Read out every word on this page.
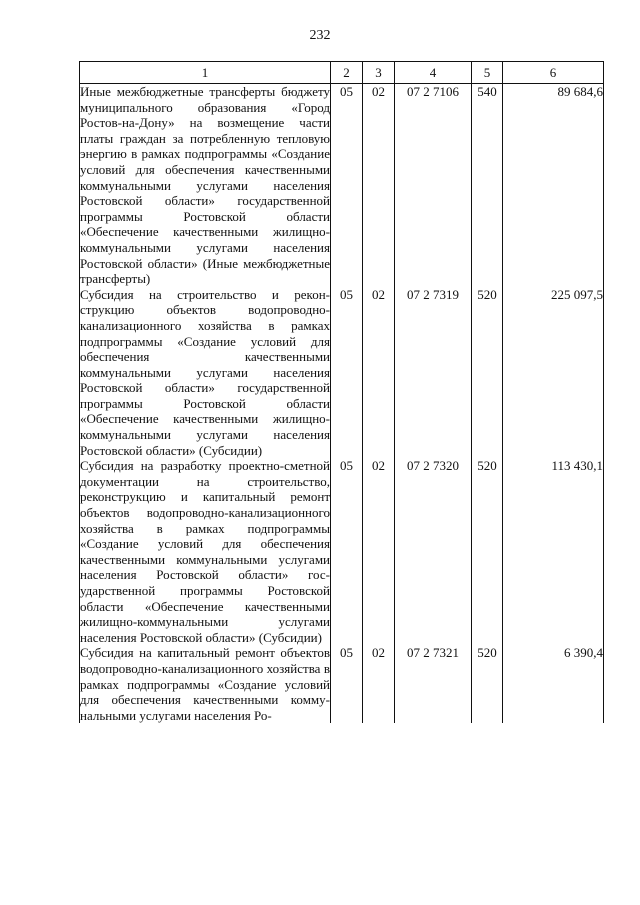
232
1	2	3	4	5	6
Иные межбюджетные трансферты бюджету муниципального образования «Город Ростов-на-Дону» на возмещение части платы граждан за потребленную тепловую энергию в рамках подпрограммы «Создание условий для обеспечения качественными коммунальными услугами населения Ростовской области» государственной программы Ростовской области «Обеспечение качественными жилищно-коммунальными услугами населения Ростовской области» (Иные межбюджетные трансферты)	05	02	07 2 7106	540	89 684,6
Субсидия на строительство и реконструкцию объектов водопроводно-канализационного хозяйства в рамках подпрограммы «Создание условий для обеспечения качественными коммунальными услугами населения Ростовской области» государственной программы Ростовской области «Обеспечение качественными жилищно-коммунальными услугами населения Ростовской области» (Субсидии)	05	02	07 2 7319	520	225 097,5
Субсидия на разработку проектно-сметной документации на строительство, реконструкцию и капитальный ремонт объектов водопроводно-канализационного хозяйства в рамках подпрограммы «Создание условий для обеспечения качественными коммунальными услугами населения Ростовской области» государственной программы Ростовской области «Обеспечение качественными жилищно-коммунальными услугами населения Ростовской области» (Субсидии)	05	02	07 2 7320	520	113 430,1
Субсидия на капитальный ремонт объектов водопроводно-канализационного хозяйства в рамках подпрограммы «Создание условий для обеспечения качественными коммунальными услугами населения Ро-	05	02	07 2 7321	520	6 390,4
